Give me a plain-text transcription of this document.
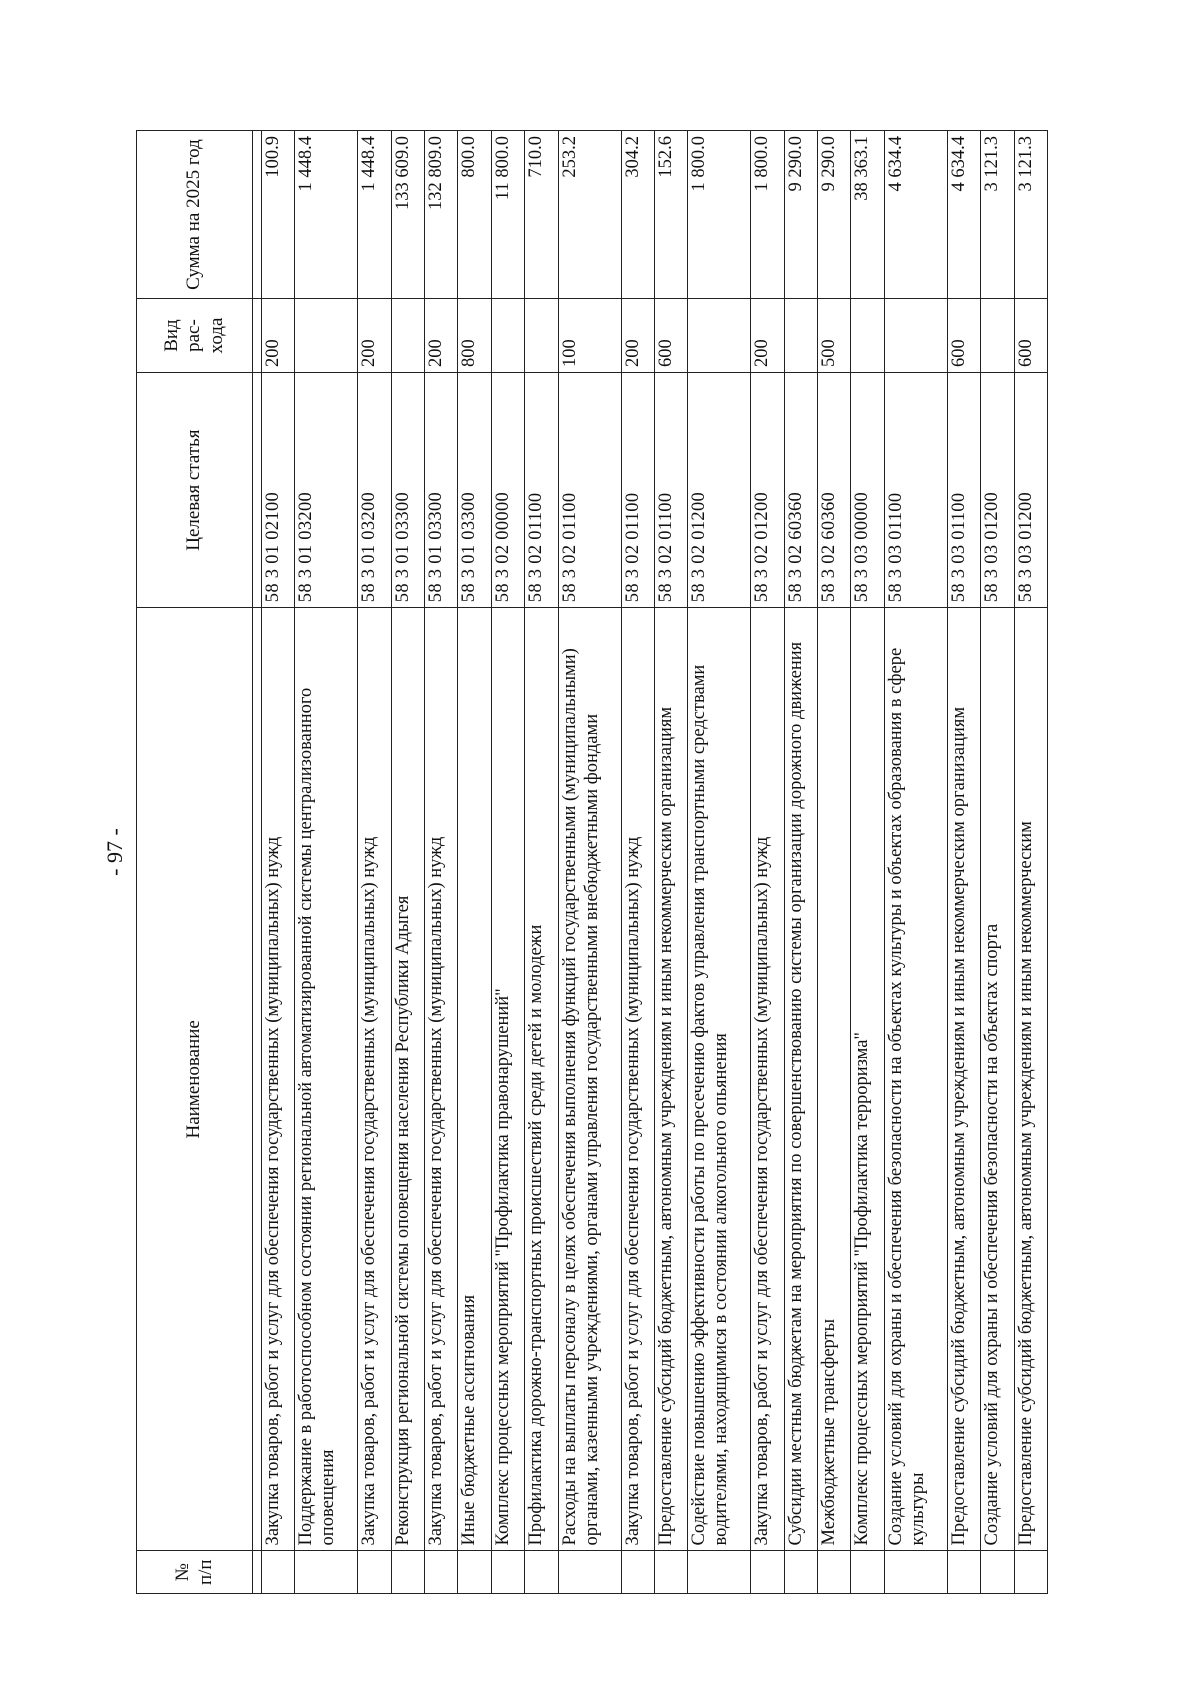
- 97 -
№ п/п	Наименование	Целевая статья	Вид рас-хода	Сумма на 2025 год

	Закупка товаров, работ и услуг для обеспечения государственных (муниципальных) нужд	58 3 01 02100	200	100.9
	Поддержание в работоспособном состоянии региональной автоматизированной системы централизованного оповещения	58 3 01 03200		1 448.4
	Закупка товаров, работ и услуг для обеспечения государственных (муниципальных) нужд	58 3 01 03200	200	1 448.4
	Реконструкция региональной системы оповещения населения Республики Адыгея	58 3 01 03300		133 609.0
	Закупка товаров, работ и услуг для обеспечения государственных (муниципальных) нужд	58 3 01 03300	200	132 809.0
	Иные бюджетные ассигнования	58 3 01 03300	800	800.0
	Комплекс процессных мероприятий "Профилактика правонарушений"	58 3 02 00000		11 800.0
	Профилактика дорожно-транспортных происшествий среди детей и молодежи	58 3 02 01100		710.0
	Расходы на выплаты персоналу в целях обеспечения выполнения функций государственными (муниципальными) органами, казенными учреждениями, органами управления государственными внебюджетными фондами	58 3 02 01100	100	253.2
	Закупка товаров, работ и услуг для обеспечения государственных (муниципальных) нужд	58 3 02 01100	200	304.2
	Предоставление субсидий бюджетным, автономным учреждениям и иным некоммерческим организациям	58 3 02 01100	600	152.6
	Содействие повышению эффективности работы по пресечению фактов управления транспортными средствами водителями, находящимися в состоянии алкогольного опьянения	58 3 02 01200		1 800.0
	Закупка товаров, работ и услуг для обеспечения государственных (муниципальных) нужд	58 3 02 01200	200	1 800.0
	Субсидии местным бюджетам на мероприятия по совершенствованию системы организации дорожного движения	58 3 02 60360		9 290.0
	Межбюджетные трансферты	58 3 02 60360	500	9 290.0
	Комплекс процессных мероприятий "Профилактика терроризма"	58 3 03 00000		38 363.1
	Создание условий для охраны и обеспечения безопасности на объектах культуры и объектах образования в сфере культуры	58 3 03 01100		4 634.4
	Предоставление субсидий бюджетным, автономным учреждениям и иным некоммерческим организациям	58 3 03 01100	600	4 634.4
	Создание условий для охраны и обеспечения безопасности на объектах спорта	58 3 03 01200		3 121.3
	Предоставление субсидий бюджетным, автономным учреждениям и иным некоммерческим	58 3 03 01200	600	3 121.3
